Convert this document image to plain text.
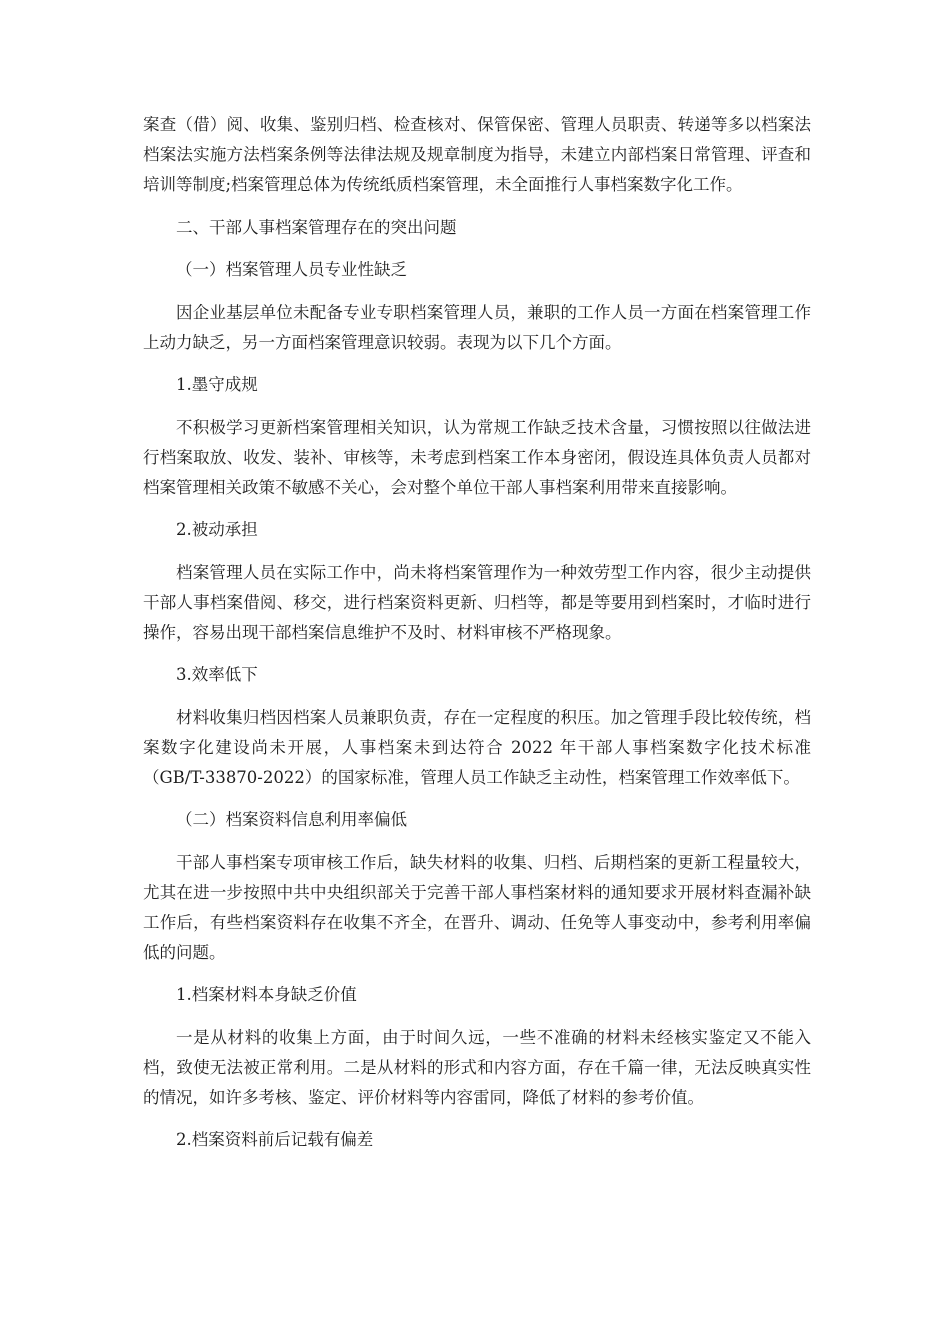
案查（借）阅、收集、鉴别归档、检查核对、保管保密、管理人员职责、转递等多以档案法档案法实施方法档案条例等法律法规及规章制度为指导，未建立内部档案日常管理、评查和培训等制度;档案管理总体为传统纸质档案管理，未全面推行人事档案数字化工作。

二、干部人事档案管理存在的突出问题

（一）档案管理人员专业性缺乏

因企业基层单位未配备专业专职档案管理人员，兼职的工作人员一方面在档案管理工作上动力缺乏，另一方面档案管理意识较弱。表现为以下几个方面。

1.墨守成规

不积极学习更新档案管理相关知识，认为常规工作缺乏技术含量，习惯按照以往做法进行档案取放、收发、装补、审核等，未考虑到档案工作本身密闭，假设连具体负责人员都对档案管理相关政策不敏感不关心，会对整个单位干部人事档案利用带来直接影响。

2.被动承担

档案管理人员在实际工作中，尚未将档案管理作为一种效劳型工作内容，很少主动提供干部人事档案借阅、移交，进行档案资料更新、归档等，都是等要用到档案时，才临时进行操作，容易出现干部档案信息维护不及时、材料审核不严格现象。

3.效率低下

材料收集归档因档案人员兼职负责，存在一定程度的积压。加之管理手段比较传统，档案数字化建设尚未开展，人事档案未到达符合 2022 年干部人事档案数字化技术标准（GB/T-33870-2022）的国家标准，管理人员工作缺乏主动性，档案管理工作效率低下。

（二）档案资料信息利用率偏低

干部人事档案专项审核工作后，缺失材料的收集、归档、后期档案的更新工程量较大，尤其在进一步按照中共中央组织部关于完善干部人事档案材料的通知要求开展材料查漏补缺工作后，有些档案资料存在收集不齐全，在晋升、调动、任免等人事变动中，参考利用率偏低的问题。

1.档案材料本身缺乏价值

一是从材料的收集上方面，由于时间久远，一些不准确的材料未经核实鉴定又不能入档，致使无法被正常利用。二是从材料的形式和内容方面，存在千篇一律，无法反映真实性的情况，如许多考核、鉴定、评价材料等内容雷同，降低了材料的参考价值。

2.档案资料前后记载有偏差
